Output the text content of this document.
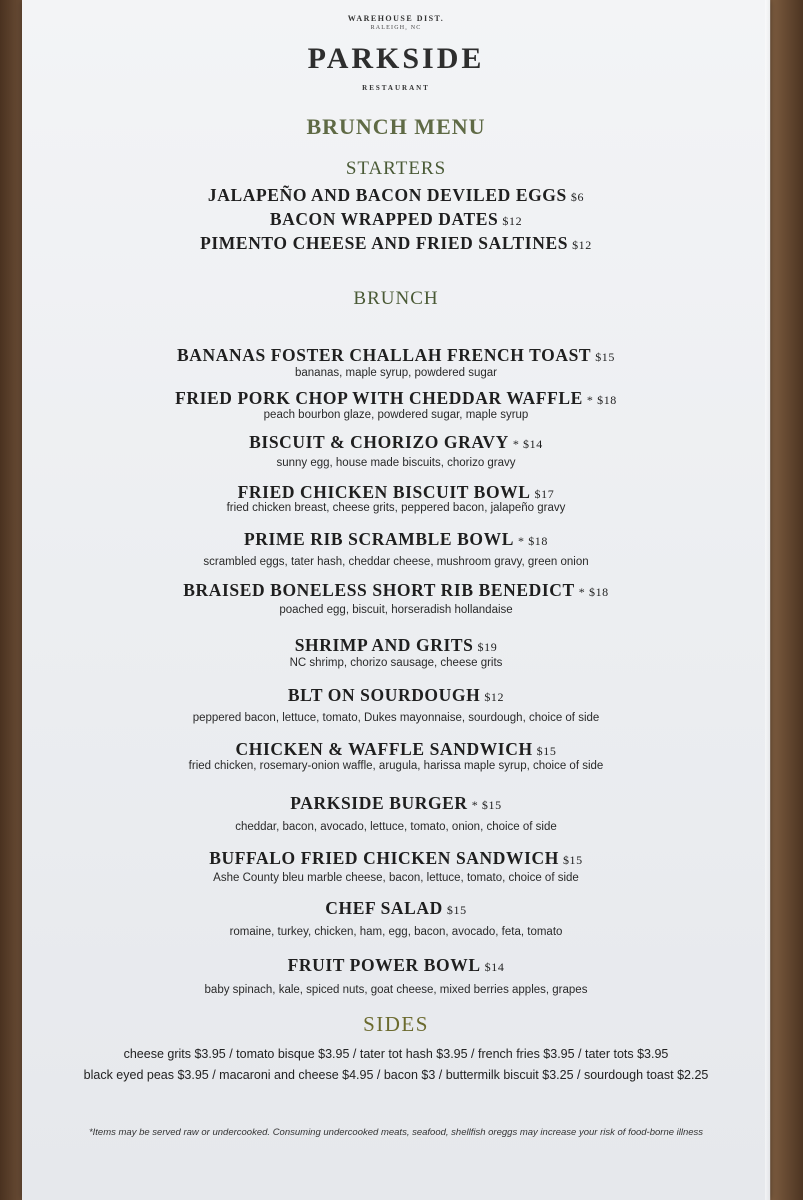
WAREHOUSE DIST.
RALEIGH, NC
PARKSIDE
RESTAURANT
BRUNCH MENU
STARTERS
JALAPEÑO AND BACON DEVILED EGGS $6
BACON WRAPPED DATES $12
PIMENTO CHEESE AND FRIED SALTINES $12
BRUNCH
BANANAS FOSTER CHALLAH FRENCH TOAST $15
bananas, maple syrup, powdered sugar
FRIED PORK CHOP WITH CHEDDAR WAFFLE * $18
peach bourbon glaze, powdered sugar, maple syrup
BISCUIT & CHORIZO GRAVY * $14
sunny egg, house made biscuits, chorizo gravy
FRIED CHICKEN BISCUIT BOWL $17
fried chicken breast, cheese grits, peppered bacon, jalapeño gravy
PRIME RIB SCRAMBLE BOWL * $18
scrambled eggs, tater hash, cheddar cheese, mushroom gravy, green onion
BRAISED BONELESS SHORT RIB BENEDICT * $18
poached egg, biscuit, horseradish hollandaise
SHRIMP AND GRITS $19
NC shrimp, chorizo sausage, cheese grits
BLT ON SOURDOUGH $12
peppered bacon, lettuce, tomato, Dukes mayonnaise, sourdough, choice of side
CHICKEN & WAFFLE SANDWICH $15
fried chicken, rosemary-onion waffle, arugula, harissa maple syrup, choice of side
PARKSIDE BURGER * $15
cheddar, bacon, avocado, lettuce, tomato, onion, choice of side
BUFFALO FRIED CHICKEN SANDWICH $15
Ashe County bleu marble cheese, bacon, lettuce, tomato, choice of side
CHEF SALAD $15
romaine, turkey, chicken, ham, egg, bacon, avocado, feta, tomato
FRUIT POWER BOWL $14
baby spinach, kale, spiced nuts, goat cheese, mixed berries apples, grapes
SIDES
cheese grits $3.95 / tomato bisque $3.95 / tater tot hash $3.95 / french fries $3.95 / tater tots $3.95
black eyed peas $3.95 / macaroni and cheese $4.95 / bacon $3 / buttermilk biscuit $3.25 / sourdough toast $2.25
*Items may be served raw or undercooked. Consuming undercooked meats, seafood, shellfish oreggs may increase your risk of food-borne illness
